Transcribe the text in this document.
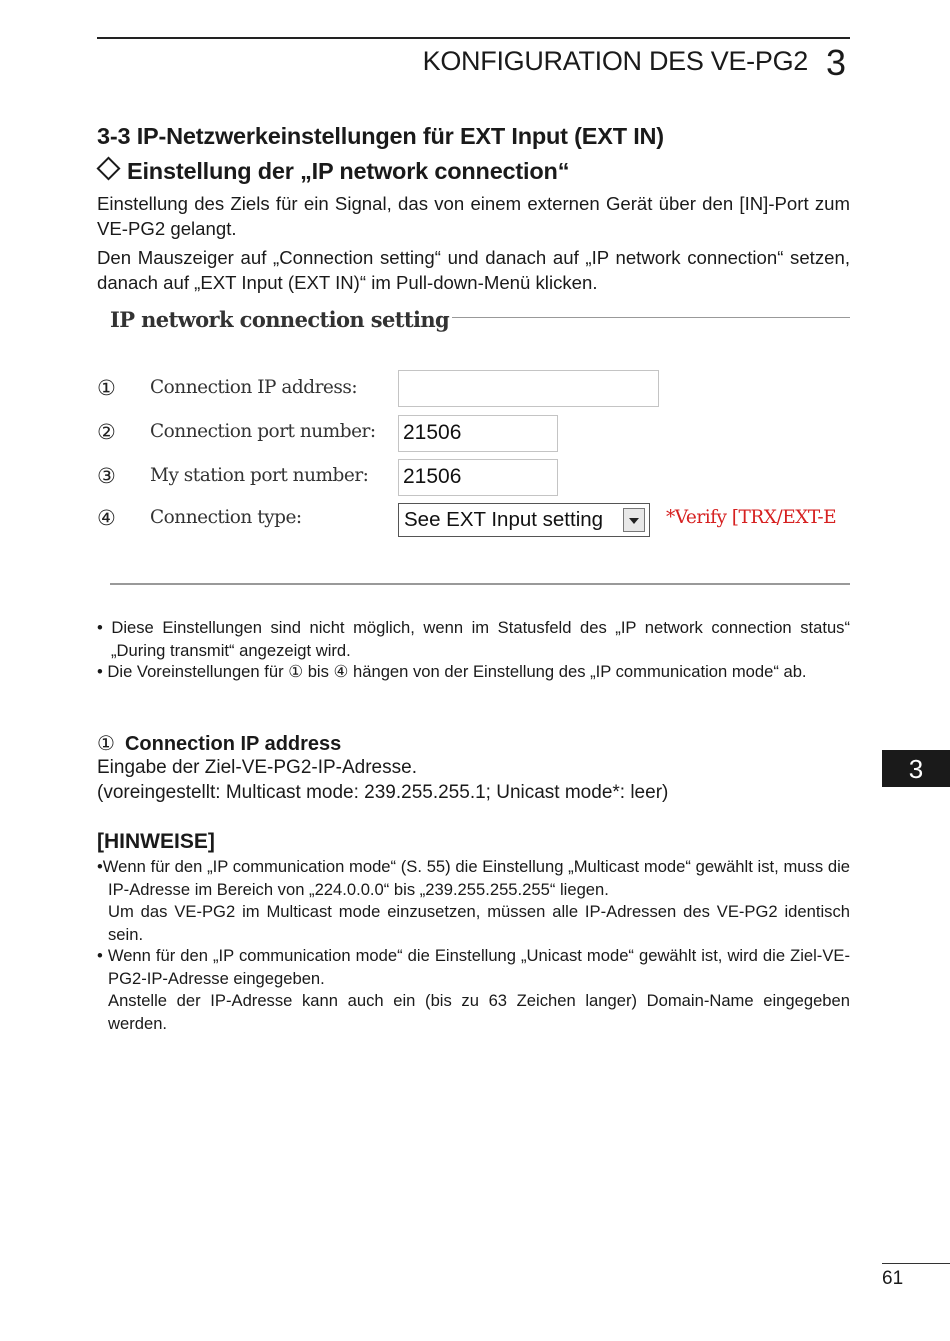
KONFIGURATION DES VE-PG2 3
3-3 IP-Netzwerkeinstellungen für EXT Input (EXT IN)
Einstellung der „IP network connection“
Einstellung des Ziels für ein Signal, das von einem externen Gerät über den [IN]-Port zum VE-PG2 gelangt.
Den Mauszeiger auf „Connection setting“ und danach auf „IP network connection“ setzen, danach auf „EXT Input (EXT IN)“ im Pull-down-Menü klicken.
IP network connection setting
① Connection IP address:
② Connection port number: 21506
③ My station port number: 21506
④ Connection type:	See EXT Input setting	*Verify [TRX/EXT-E
• Diese Einstellungen sind nicht möglich, wenn im Statusfeld des „IP network connection status“ „During transmit“ angezeigt wird.
• Die Voreinstellungen für ① bis ④ hängen von der Einstellung des „IP communication mode“ ab.
① Connection IP address
Eingabe der Ziel-VE-PG2-IP-Adresse.
(voreingestellt: Multicast mode: 239.255.255.1; Unicast mode*: leer)
[HINWEISE]
•Wenn für den „IP communication mode“ (S. 55) die Einstellung „Multicast mode“ gewählt ist, muss die IP-Adresse im Bereich von „224.0.0.0“ bis „239.255.255.255“ liegen.
Um das VE-PG2 im Multicast mode einzusetzen, müssen alle IP-Adressen des VE-PG2 identisch sein.
• Wenn für den „IP communication mode“ die Einstellung „Unicast mode“ gewählt ist, wird die Ziel-VE-PG2-IP-Adresse eingegeben.
Anstelle der IP-Adresse kann auch ein (bis zu 63 Zeichen langer) Domain-Name eingegeben werden.
3
61
